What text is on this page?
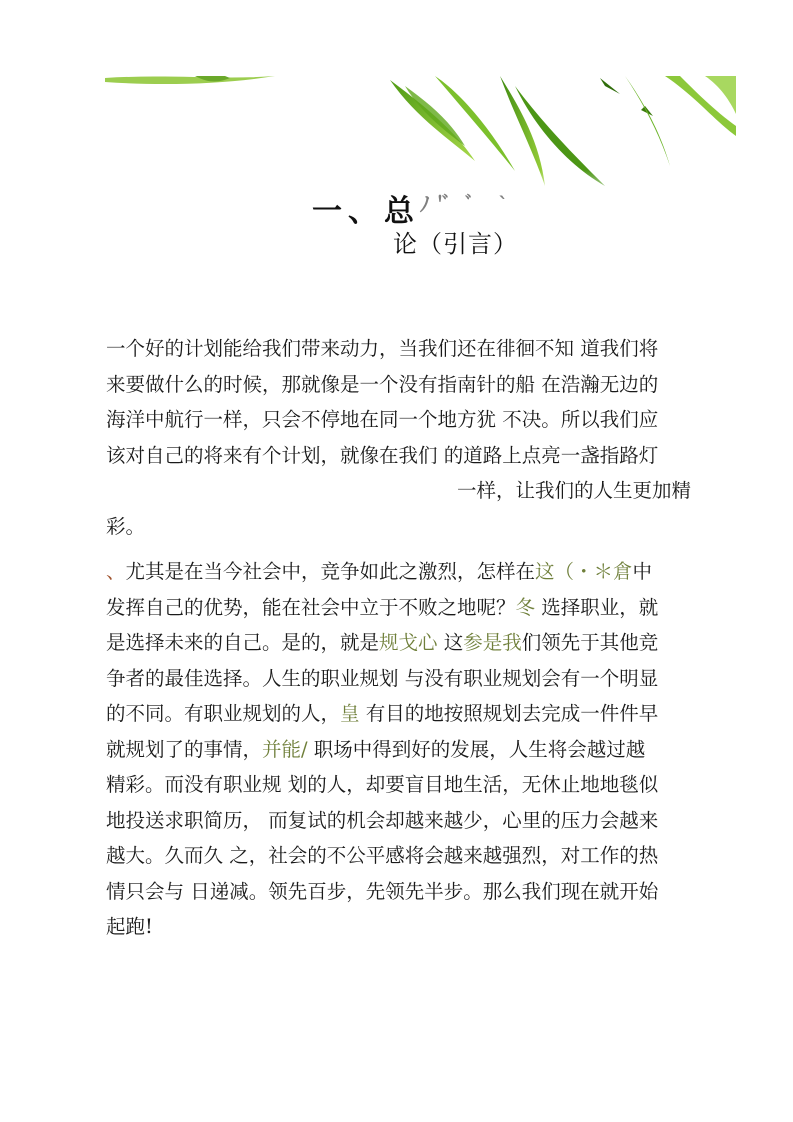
一、总$^{ﾉ'ﾞ ﾞ `}$
论（引言）
一个好的计划能给我们带来动力，当我们还在徘徊不知 道我们将
来要做什么的时候，那就像是一个没有指南针的船 在浩瀚无边的
海洋中航行一样，只会不停地在同一个地方犹 不决。所以我们应
该对自己的将来有个计划，就像在我们 的道路上点亮一盏指路灯
一样，让我们的人生更加精
彩。
、尤其是在当今社会中，竞争如此之激烈，怎样在这（・＊倉中
发挥自己的优势，能在社会中立于不败之地呢？冬 选择职业，就
是选择未来的自己。是的，就是规戈心 这参是我们领先于其他竞
争者的最佳选择。人生的职业规划 与没有职业规划会有一个明显
的不同。有职业规划的人，皇 有目的地按照规划去完成一件件早
就规划了的事情，并能/ 职场中得到好的发展，人生将会越过越
精彩。而没有职业规 划的人，却要盲目地生活，无休止地地毯似
地投送求职简历， 而复试的机会却越来越少，心里的压力会越来
越大。久而久 之，社会的不公平感将会越来越强烈，对工作的热
情只会与 日递减。领先百步，先领先半步。那么我们现在就开始
起跑!
